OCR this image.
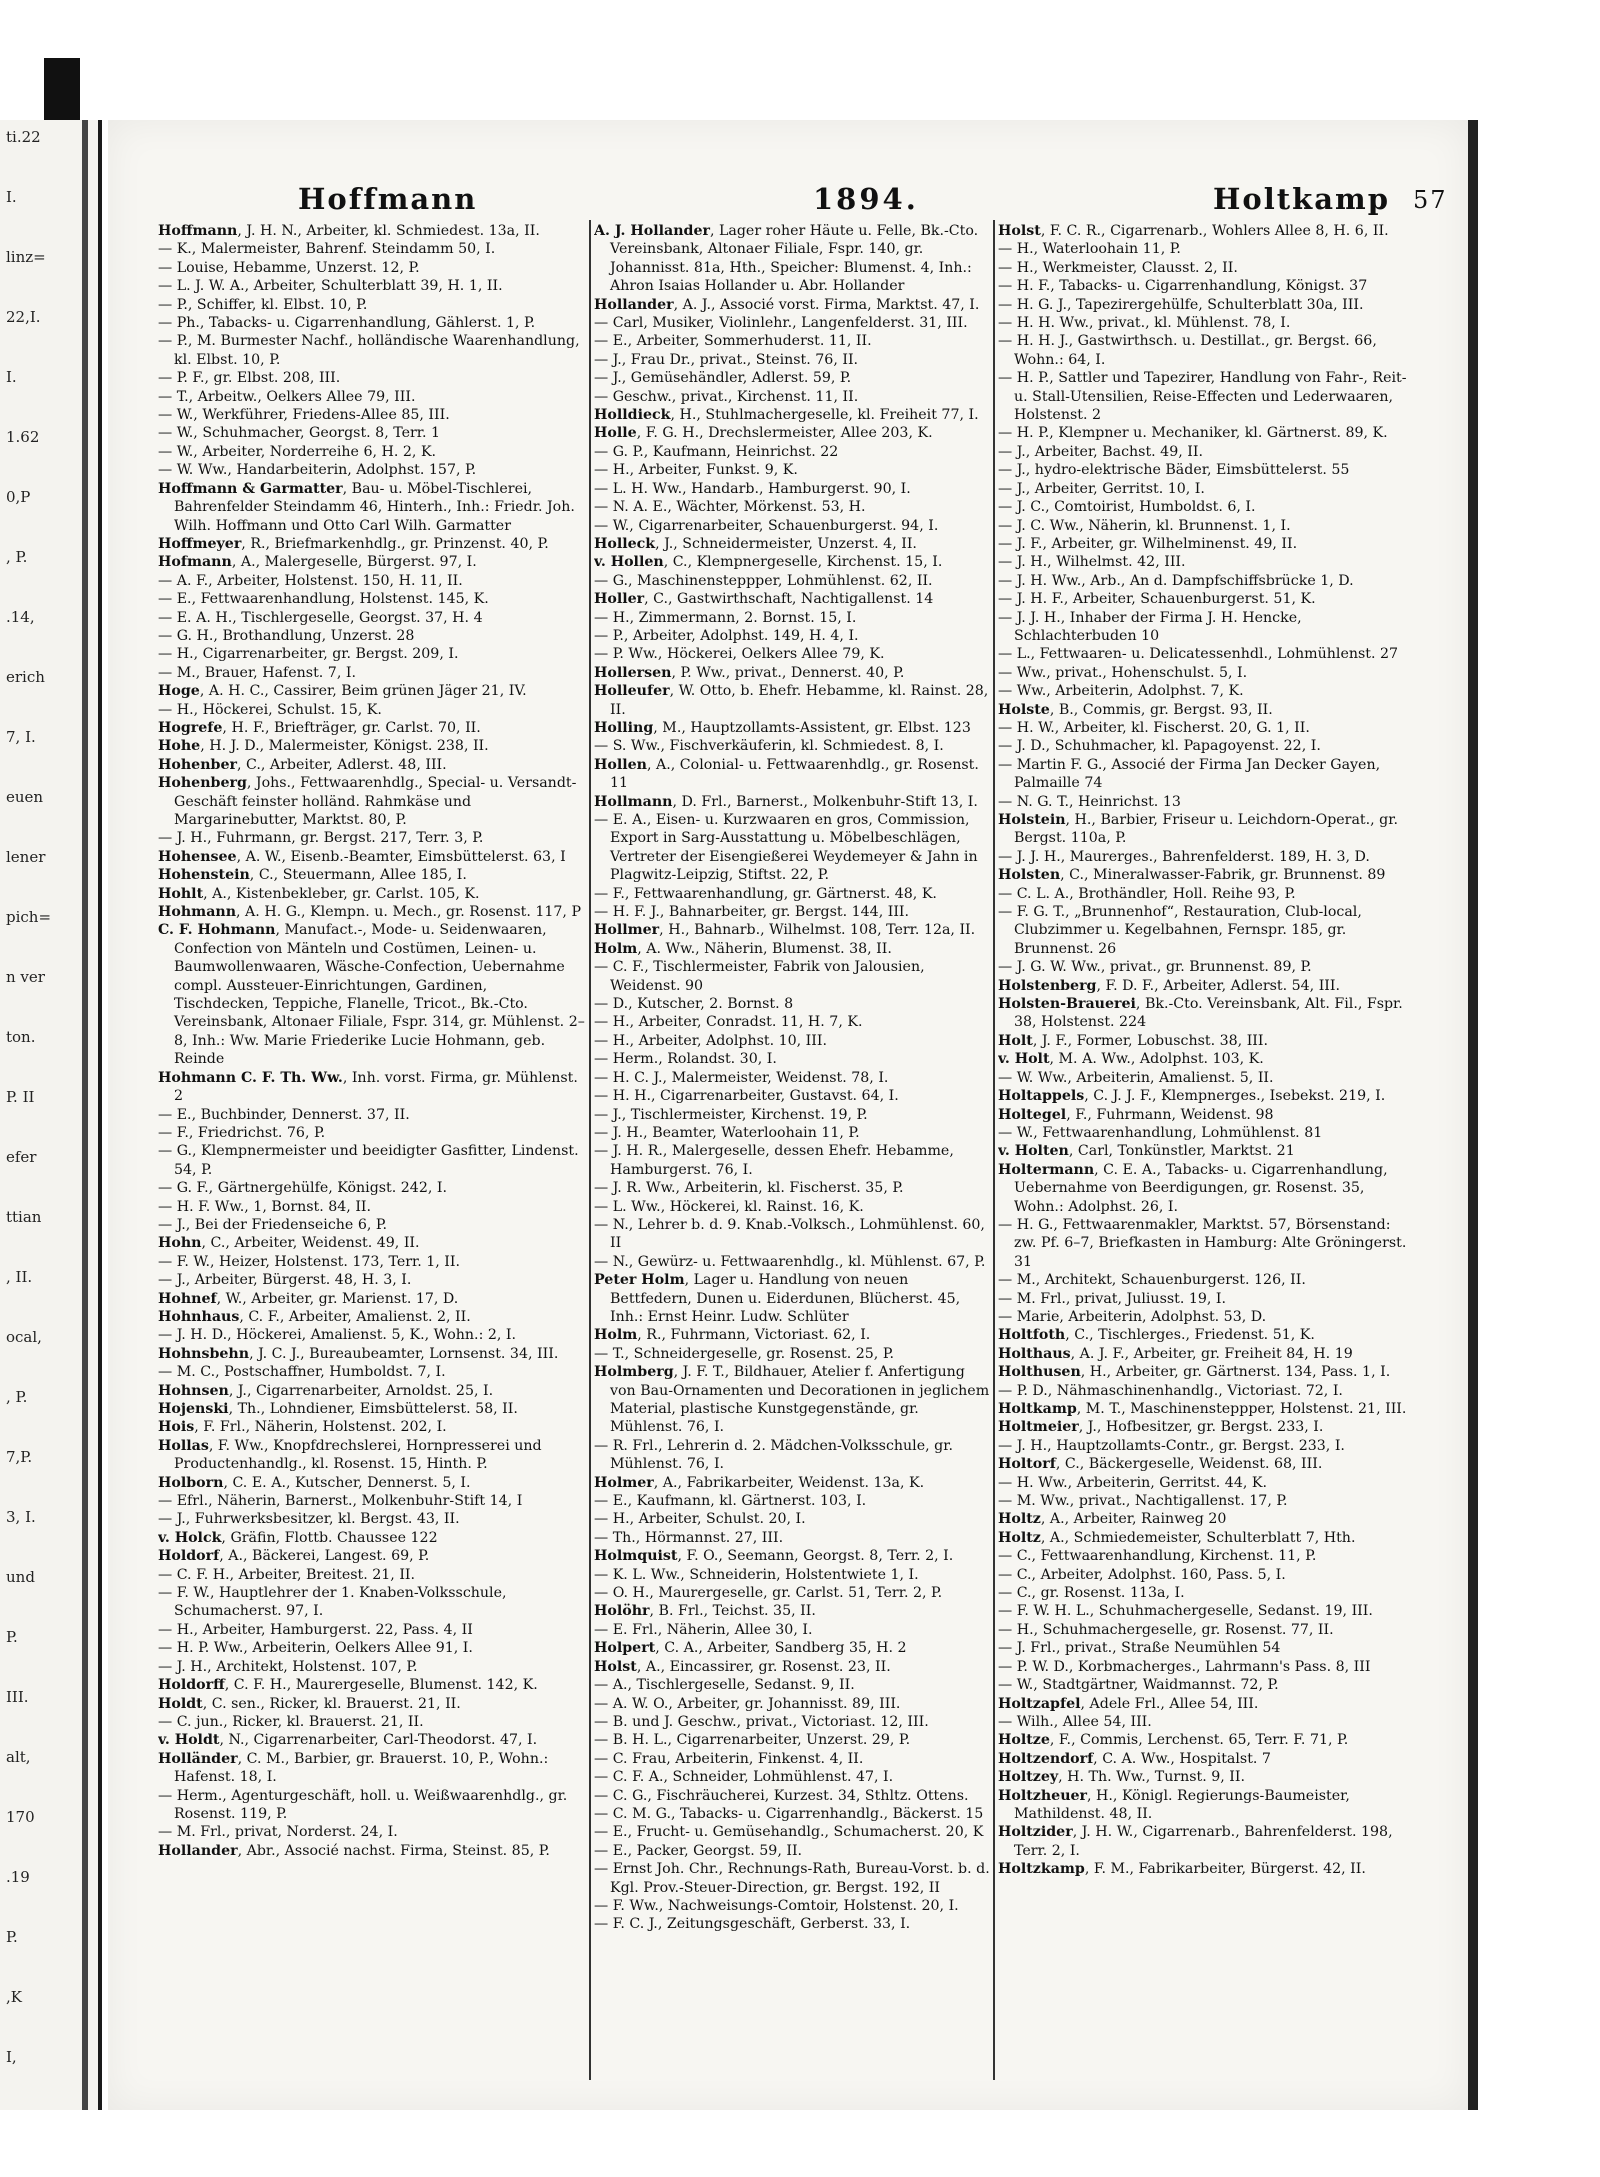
ti.22
I.
linz=
22,I.
I.
1.62
0,P
, P.
.14,
erich
7, I.
euen
lener
pich=
n ver
ton.
P. II
efer
ttian
, II.
ocal,
, P.
7,P.
3, I.
und
P.
III.
alt,
170
.19
P.
,K
I,
Hoffmann	1894.	Holtkamp 57
Hoffmann, J. H. N., Arbeiter, kl. Schmiedest. 13a, II.
— K., Malermeister, Bahrenf. Steindamm 50, I.
— Louise, Hebamme, Unzerst. 12, P.
— L. J. W. A., Arbeiter, Schulterblatt 39, H. 1, II.
— P., Schiffer, kl. Elbst. 10, P.
— Ph., Tabacks- u. Cigarrenhandlung, Gählerst. 1, P.
— P., M. Burmester Nachf., holländische Waarenhandlung, kl. Elbst. 10, P.
— P. F., gr. Elbst. 208, III.
— T., Arbeitw., Oelkers Allee 79, III.
— W., Werkführer, Friedens-Allee 85, III.
— W., Schuhmacher, Georgst. 8, Terr. 1
— W., Arbeiter, Norderreihe 6, H. 2, K.
— W. Ww., Handarbeiterin, Adolphst. 157, P.
Hoffmann & Garmatter, Bau- u. Möbel-Tischlerei, Bahrenfelder Steindamm 46, Hinterh., Inh.: Friedr. Joh. Wilh. Hoffmann und Otto Carl Wilh. Garmatter
Hoffmeyer, R., Briefmarkenhdlg., gr. Prinzenst. 40, P.
Hofmann, A., Malergeselle, Bürgerst. 97, I.
— A. F., Arbeiter, Holstenst. 150, H. 11, II.
— E., Fettwaarenhandlung, Holstenst. 145, K.
— E. A. H., Tischlergeselle, Georgst. 37, H. 4
— G. H., Brothandlung, Unzerst. 28
— H., Cigarrenarbeiter, gr. Bergst. 209, I.
— M., Brauer, Hafenst. 7, I.
Hoge, A. H. C., Cassirer, Beim grünen Jäger 21, IV.
— H., Höckerei, Schulst. 15, K.
Hogrefe, H. F., Briefträger, gr. Carlst. 70, II.
Hohe, H. J. D., Malermeister, Königst. 238, II.
Hohenber, C., Arbeiter, Adlerst. 48, III.
Hohenberg, Johs., Fettwaarenhdlg., Special- u. Versandt-Geschäft feinster holländ. Rahmkäse und Margarinebutter, Marktst. 80, P.
— J. H., Fuhrmann, gr. Bergst. 217, Terr. 3, P.
Hohensee, A. W., Eisenb.-Beamter, Eimsbüttelerst. 63, I
Hohenstein, C., Steuermann, Allee 185, I.
Hohlt, A., Kistenbekleber, gr. Carlst. 105, K.
Hohmann, A. H. G., Klempn. u. Mech., gr. Rosenst. 117, P
C. F. Hohmann, Manufact.-, Mode- u. Seidenwaaren, Confection von Mänteln und Costümen, Leinen- u. Baumwollenwaaren, Wäsche-Confection, Uebernahme compl. Aussteuer-Einrichtungen, Gardinen, Tischdecken, Teppiche, Flanelle, Tricot., Bk.-Cto. Vereinsbank, Altonaer Filiale, Fspr. 314, gr. Mühlenst. 2–8, Inh.: Ww. Marie Friederike Lucie Hohmann, geb. Reinde
Hohmann C. F. Th. Ww., Inh. vorst. Firma, gr. Mühlenst. 2
— E., Buchbinder, Dennerst. 37, II.
— F., Friedrichst. 76, P.
— G., Klempnermeister und beeidigter Gasfitter, Lindenst. 54, P.
— G. F., Gärtnergehülfe, Königst. 242, I.
— H. F. Ww., 1, Bornst. 84, II.
— J., Bei der Friedenseiche 6, P.
Hohn, C., Arbeiter, Weidenst. 49, II.
— F. W., Heizer, Holstenst. 173, Terr. 1, II.
— J., Arbeiter, Bürgerst. 48, H. 3, I.
Hohnef, W., Arbeiter, gr. Marienst. 17, D.
Hohnhaus, C. F., Arbeiter, Amalienst. 2, II.
— J. H. D., Höckerei, Amalienst. 5, K., Wohn.: 2, I.
Hohnsbehn, J. C. J., Bureaubeamter, Lornsenst. 34, III.
— M. C., Postschaffner, Humboldst. 7, I.
Hohnsen, J., Cigarrenarbeiter, Arnoldst. 25, I.
Hojenski, Th., Lohndiener, Eimsbüttelerst. 58, II.
Hois, F. Frl., Näherin, Holstenst. 202, I.
Hollas, F. Ww., Knopfdrechslerei, Hornpresserei und Productenhandlg., kl. Rosenst. 15, Hinth. P.
Holborn, C. E. A., Kutscher, Dennerst. 5, I.
— Efrl., Näherin, Barnerst., Molkenbuhr-Stift 14, I
— J., Fuhrwerksbesitzer, kl. Bergst. 43, II.
v. Holck, Gräfin, Flottb. Chaussee 122
Holdorf, A., Bäckerei, Langest. 69, P.
— C. F. H., Arbeiter, Breitest. 21, II.
— F. W., Hauptlehrer der 1. Knaben-Volksschule, Schumacherst. 97, I.
— H., Arbeiter, Hamburgerst. 22, Pass. 4, II
— H. P. Ww., Arbeiterin, Oelkers Allee 91, I.
— J. H., Architekt, Holstenst. 107, P.
Holdorff, C. F. H., Maurergeselle, Blumenst. 142, K.
Holdt, C. sen., Ricker, kl. Brauerst. 21, II.
— C. jun., Ricker, kl. Brauerst. 21, II.
v. Holdt, N., Cigarrenarbeiter, Carl-Theodorst. 47, I.
Holländer, C. M., Barbier, gr. Brauerst. 10, P., Wohn.: Hafenst. 18, I.
— Herm., Agenturgeschäft, holl. u. Weißwaarenhdlg., gr. Rosenst. 119, P.
— M. Frl., privat, Norderst. 24, I.
Hollander, Abr., Associé nachst. Firma, Steinst. 85, P.
A. J. Hollander, Lager roher Häute u. Felle, Bk.-Cto. Vereinsbank, Altonaer Filiale, Fspr. 140, gr. Johannisst. 81a, Hth., Speicher: Blumenst. 4, Inh.: Ahron Isaias Hollander u. Abr. Hollander
Hollander, A. J., Associé vorst. Firma, Marktst. 47, I.
— Carl, Musiker, Violinlehr., Langenfelderst. 31, III.
— E., Arbeiter, Sommerhuderst. 11, II.
— J., Frau Dr., privat., Steinst. 76, II.
— J., Gemüsehändler, Adlerst. 59, P.
— Geschw., privat., Kirchenst. 11, II.
Holldieck, H., Stuhlmachergeselle, kl. Freiheit 77, I.
Holle, F. G. H., Drechslermeister, Allee 203, K.
— G. P., Kaufmann, Heinrichst. 22
— H., Arbeiter, Funkst. 9, K.
— L. H. Ww., Handarb., Hamburgerst. 90, I.
— N. A. E., Wächter, Mörkenst. 53, H.
— W., Cigarrenarbeiter, Schauenburgerst. 94, I.
Holleck, J., Schneidermeister, Unzerst. 4, II.
v. Hollen, C., Klempnergeselle, Kirchenst. 15, I.
— G., Maschinensteppper, Lohmühlenst. 62, II.
Holler, C., Gastwirthschaft, Nachtigallenst. 14
— H., Zimmermann, 2. Bornst. 15, I.
— P., Arbeiter, Adolphst. 149, H. 4, I.
— P. Ww., Höckerei, Oelkers Allee 79, K.
Hollersen, P. Ww., privat., Dennerst. 40, P.
Holleufer, W. Otto, b. Ehefr. Hebamme, kl. Rainst. 28, II.
Holling, M., Hauptzollamts-Assistent, gr. Elbst. 123
— S. Ww., Fischverkäuferin, kl. Schmiedest. 8, I.
Hollen, A., Colonial- u. Fettwaarenhdlg., gr. Rosenst. 11
Hollmann, D. Frl., Barnerst., Molkenbuhr-Stift 13, I.
— E. A., Eisen- u. Kurzwaaren en gros, Commission, Export in Sarg-Ausstattung u. Möbelbeschlägen, Vertreter der Eisengießerei Weydemeyer & Jahn in Plagwitz-Leipzig, Stiftst. 22, P.
— F., Fettwaarenhandlung, gr. Gärtnerst. 48, K.
— H. F. J., Bahnarbeiter, gr. Bergst. 144, III.
Hollmer, H., Bahnarb., Wilhelmst. 108, Terr. 12a, II.
Holm, A. Ww., Näherin, Blumenst. 38, II.
— C. F., Tischlermeister, Fabrik von Jalousien, Weidenst. 90
— D., Kutscher, 2. Bornst. 8
— H., Arbeiter, Conradst. 11, H. 7, K.
— H., Arbeiter, Adolphst. 10, III.
— Herm., Rolandst. 30, I.
— H. C. J., Malermeister, Weidenst. 78, I.
— H. H., Cigarrenarbeiter, Gustavst. 64, I.
— J., Tischlermeister, Kirchenst. 19, P.
— J. H., Beamter, Waterloohain 11, P.
— J. H. R., Malergeselle, dessen Ehefr. Hebamme, Hamburgerst. 76, I.
— J. R. Ww., Arbeiterin, kl. Fischerst. 35, P.
— L. Ww., Höckerei, kl. Rainst. 16, K.
— N., Lehrer b. d. 9. Knab.-Volksch., Lohmühlenst. 60, II
— N., Gewürz- u. Fettwaarenhdlg., kl. Mühlenst. 67, P.
Peter Holm, Lager u. Handlung von neuen Bettfedern, Dunen u. Eiderdunen, Blücherst. 45, Inh.: Ernst Heinr. Ludw. Schlüter
Holm, R., Fuhrmann, Victoriast. 62, I.
— T., Schneidergeselle, gr. Rosenst. 25, P.
Holmberg, J. F. T., Bildhauer, Atelier f. Anfertigung von Bau-Ornamenten und Decorationen in jeglichem Material, plastische Kunstgegenstände, gr. Mühlenst. 76, I.
— R. Frl., Lehrerin d. 2. Mädchen-Volksschule, gr. Mühlenst. 76, I.
Holmer, A., Fabrikarbeiter, Weidenst. 13a, K.
— E., Kaufmann, kl. Gärtnerst. 103, I.
— H., Arbeiter, Schulst. 20, I.
— Th., Hörmannst. 27, III.
Holmquist, F. O., Seemann, Georgst. 8, Terr. 2, I.
— K. L. Ww., Schneiderin, Holstentwiete 1, I.
— O. H., Maurergeselle, gr. Carlst. 51, Terr. 2, P.
Holöhr, B. Frl., Teichst. 35, II.
— E. Frl., Näherin, Allee 30, I.
Holpert, C. A., Arbeiter, Sandberg 35, H. 2
Holst, A., Eincassirer, gr. Rosenst. 23, II.
— A., Tischlergeselle, Sedanst. 9, II.
— A. W. O., Arbeiter, gr. Johannisst. 89, III.
— B. und J. Geschw., privat., Victoriast. 12, III.
— B. H. L., Cigarrenarbeiter, Unzerst. 29, P.
— C. Frau, Arbeiterin, Finkenst. 4, II.
— C. F. A., Schneider, Lohmühlenst. 47, I.
— C. G., Fischräucherei, Kurzest. 34, Sthltz. Ottens.
— C. M. G., Tabacks- u. Cigarrenhandlg., Bäckerst. 15
— E., Frucht- u. Gemüsehandlg., Schumacherst. 20, K
— E., Packer, Georgst. 59, II.
— Ernst Joh. Chr., Rechnungs-Rath, Bureau-Vorst. b. d. Kgl. Prov.-Steuer-Direction, gr. Bergst. 192, II
— F. Ww., Nachweisungs-Comtoir, Holstenst. 20, I.
— F. C. J., Zeitungsgeschäft, Gerberst. 33, I.
Holst, F. C. R., Cigarrenarb., Wohlers Allee 8, H. 6, II.
— H., Waterloohain 11, P.
— H., Werkmeister, Clausst. 2, II.
— H. F., Tabacks- u. Cigarrenhandlung, Königst. 37
— H. G. J., Tapezirergehülfe, Schulterblatt 30a, III.
— H. H. Ww., privat., kl. Mühlenst. 78, I.
— H. H. J., Gastwirthsch. u. Destillat., gr. Bergst. 66, Wohn.: 64, I.
— H. P., Sattler und Tapezirer, Handlung von Fahr-, Reit- u. Stall-Utensilien, Reise-Effecten und Lederwaaren, Holstenst. 2
— H. P., Klempner u. Mechaniker, kl. Gärtnerst. 89, K.
— J., Arbeiter, Bachst. 49, II.
— J., hydro-elektrische Bäder, Eimsbüttelerst. 55
— J., Arbeiter, Gerritst. 10, I.
— J. C., Comtoirist, Humboldst. 6, I.
— J. C. Ww., Näherin, kl. Brunnenst. 1, I.
— J. F., Arbeiter, gr. Wilhelminenst. 49, II.
— J. H., Wilhelmst. 42, III.
— J. H. Ww., Arb., An d. Dampfschiffsbrücke 1, D.
— J. H. F., Arbeiter, Schauenburgerst. 51, K.
— J. J. H., Inhaber der Firma J. H. Hencke, Schlachterbuden 10
— L., Fettwaaren- u. Delicatessenhdl., Lohmühlenst. 27
— Ww., privat., Hohenschulst. 5, I.
— Ww., Arbeiterin, Adolphst. 7, K.
Holste, B., Commis, gr. Bergst. 93, II.
— H. W., Arbeiter, kl. Fischerst. 20, G. 1, II.
— J. D., Schuhmacher, kl. Papagoyenst. 22, I.
— Martin F. G., Associé der Firma Jan Decker Gayen, Palmaille 74
— N. G. T., Heinrichst. 13
Holstein, H., Barbier, Friseur u. Leichdorn-Operat., gr. Bergst. 110a, P.
— J. J. H., Maurerges., Bahrenfelderst. 189, H. 3, D.
Holsten, C., Mineralwasser-Fabrik, gr. Brunnenst. 89
— C. L. A., Brothändler, Holl. Reihe 93, P.
— F. G. T., „Brunnenhof“, Restauration, Club-local, Clubzimmer u. Kegelbahnen, Fernspr. 185, gr. Brunnenst. 26
— J. G. W. Ww., privat., gr. Brunnenst. 89, P.
Holstenberg, F. D. F., Arbeiter, Adlerst. 54, III.
Holsten-Brauerei, Bk.-Cto. Vereinsbank, Alt. Fil., Fspr. 38, Holstenst. 224
Holt, J. F., Former, Lobuschst. 38, III.
v. Holt, M. A. Ww., Adolphst. 103, K.
— W. Ww., Arbeiterin, Amalienst. 5, II.
Holtappels, C. J. J. F., Klempnerges., Isebekst. 219, I.
Holtegel, F., Fuhrmann, Weidenst. 98
— W., Fettwaarenhandlung, Lohmühlenst. 81
v. Holten, Carl, Tonkünstler, Marktst. 21
Holtermann, C. E. A., Tabacks- u. Cigarrenhandlung, Uebernahme von Beerdigungen, gr. Rosenst. 35, Wohn.: Adolphst. 26, I.
— H. G., Fettwaarenmakler, Marktst. 57, Börsenstand: zw. Pf. 6–7, Briefkasten in Hamburg: Alte Gröningerst. 31
— M., Architekt, Schauenburgerst. 126, II.
— M. Frl., privat, Juliusst. 19, I.
— Marie, Arbeiterin, Adolphst. 53, D.
Holtfoth, C., Tischlerges., Friedenst. 51, K.
Holthaus, A. J. F., Arbeiter, gr. Freiheit 84, H. 19
Holthusen, H., Arbeiter, gr. Gärtnerst. 134, Pass. 1, I.
— P. D., Nähmaschinenhandlg., Victoriast. 72, I.
Holtkamp, M. T., Maschinensteppper, Holstenst. 21, III.
Holtmeier, J., Hofbesitzer, gr. Bergst. 233, I.
— J. H., Hauptzollamts-Contr., gr. Bergst. 233, I.
Holtorf, C., Bäckergeselle, Weidenst. 68, III.
— H. Ww., Arbeiterin, Gerritst. 44, K.
— M. Ww., privat., Nachtigallenst. 17, P.
Holtz, A., Arbeiter, Rainweg 20
Holtz, A., Schmiedemeister, Schulterblatt 7, Hth.
— C., Fettwaarenhandlung, Kirchenst. 11, P.
— C., Arbeiter, Adolphst. 160, Pass. 5, I.
— C., gr. Rosenst. 113a, I.
— F. W. H. L., Schuhmachergeselle, Sedanst. 19, III.
— H., Schuhmachergeselle, gr. Rosenst. 77, II.
— J. Frl., privat., Straße Neumühlen 54
— P. W. D., Korbmacherges., Lahrmann's Pass. 8, III
— W., Stadtgärtner, Waidmannst. 72, P.
Holtzapfel, Adele Frl., Allee 54, III.
— Wilh., Allee 54, III.
Holtze, F., Commis, Lerchenst. 65, Terr. F. 71, P.
Holtzendorf, C. A. Ww., Hospitalst. 7
Holtzey, H. Th. Ww., Turnst. 9, II.
Holtzheuer, H., Königl. Regierungs-Baumeister, Mathildenst. 48, II.
Holtzider, J. H. W., Cigarrenarb., Bahrenfelderst. 198, Terr. 2, I.
Holtzkamp, F. M., Fabrikarbeiter, Bürgerst. 42, II.
